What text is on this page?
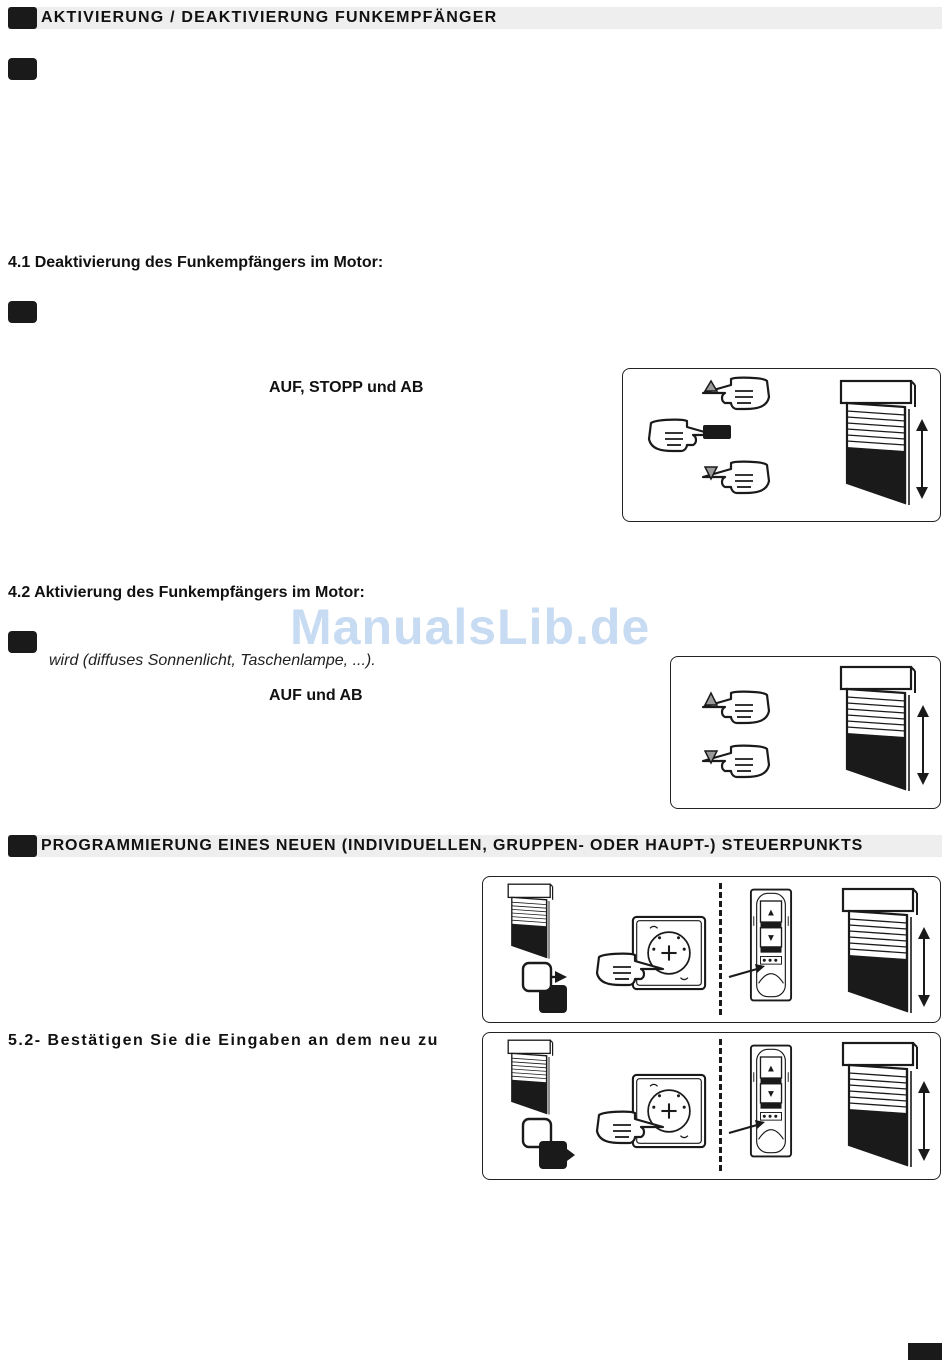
AKTIVIERUNG / DEAKTIVIERUNG FUNKEMPFÄNGER
4.1 Deaktivierung des Funkempfängers im Motor:
AUF, STOPP und AB
4.2 Aktivierung des Funkempfängers im Motor:
ManualsLib.de
wird (diffuses Sonnenlicht, Taschenlampe, ...).
AUF und AB
PROGRAMMIERUNG EINES NEUEN (INDIVIDUELLEN, GRUPPEN- ODER HAUPT-) STEUERPUNKTS
5.2- Bestätigen Sie die Eingaben an dem neu zu
